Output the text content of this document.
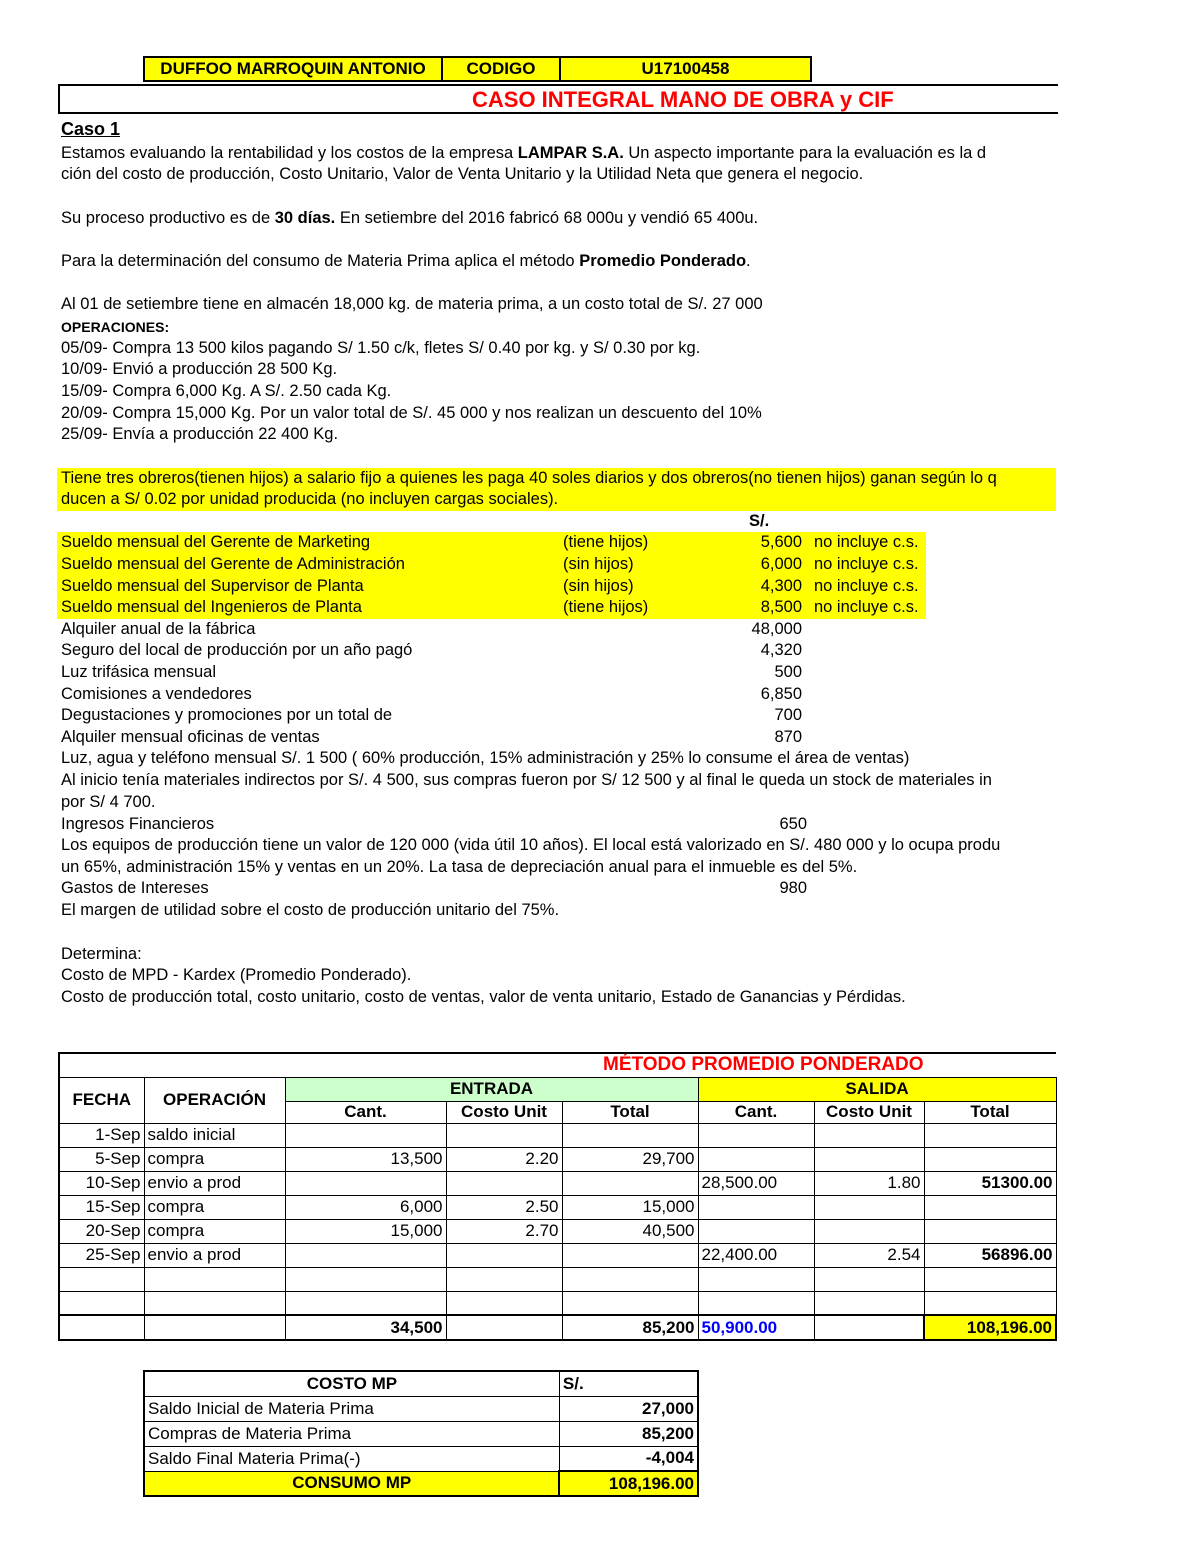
DUFFOO MARROQUIN ANTONIO	CODIGO	U17100458
CASO INTEGRAL MANO DE OBRA y CIF
Caso 1
Estamos evaluando la rentabilidad y los costos de la empresa LAMPAR S.A. Un aspecto importante para la evaluación es la d
ción del costo de producción, Costo Unitario, Valor de Venta Unitario y la Utilidad Neta que genera el negocio.
Su proceso productivo es de 30 días. En setiembre del 2016 fabricó 68 000u y vendió 65 400u.
Para la determinación del consumo de Materia Prima aplica el método Promedio Ponderado.
Al 01 de setiembre tiene en almacén 18,000 kg. de materia prima, a un costo total de S/. 27 000
OPERACIONES:
05/09- Compra 13 500 kilos pagando S/ 1.50 c/k, fletes S/ 0.40 por kg. y S/ 0.30 por kg.
10/09- Envió a producción 28 500 Kg.
15/09- Compra 6,000 Kg. A S/. 2.50 cada Kg.
20/09- Compra 15,000 Kg. Por un valor total de S/. 45 000 y nos realizan un descuento del 10%
25/09- Envía a producción 22 400 Kg.
Tiene tres obreros(tienen hijos) a salario fijo a quienes les paga 40 soles diarios y dos obreros(no tienen hijos) ganan según lo q
ducen a S/ 0.02 por unidad producida (no incluyen cargas sociales).
S/.
Sueldo mensual del Gerente de Marketing	(tiene hijos)	5,600 no incluye c.s.
Sueldo mensual del Gerente de Administración	(sin hijos)	6,000 no incluye c.s.
Sueldo mensual del Supervisor de Planta	(sin hijos)	4,300 no incluye c.s.
Sueldo mensual del Ingenieros de Planta	(tiene hijos)	8,500 no incluye c.s.
Alquiler anual de la fábrica	48,000
Seguro del local de producción por un año pagó	4,320
Luz trifásica mensual	500
Comisiones a vendedores	6,850
Degustaciones y promociones por un total de	700
Alquiler mensual oficinas de ventas	870
Luz, agua y teléfono mensual S/. 1 500 ( 60% producción, 15% administración y 25% lo consume el área de ventas)
Al inicio tenía materiales indirectos por S/. 4 500, sus compras fueron por S/ 12 500 y al final le queda un stock de materiales in
por S/ 4 700.
Ingresos Financieros	650
Los equipos de producción tiene un valor de 120 000 (vida útil 10 años). El local está valorizado en S/. 480 000 y lo ocupa produ
un 65%, administración 15% y ventas en un 20%. La tasa de depreciación anual para el inmueble es del 5%.
Gastos de Intereses	980
El margen de utilidad sobre el costo de producción unitario del 75%.
Determina:
Costo de MPD - Kardex (Promedio Ponderado).
Costo de producción total, costo unitario, costo de ventas, valor de venta unitario, Estado de Ganancias y Pérdidas.
MÉTODO PROMEDIO PONDERADO							
FECHA	OPERACIÓN	ENTRADA			SALIDA		
		Cant.	Costo Unit	Total	Cant.	Costo Unit	Total
1-Sep	saldo inicial						
5-Sep	compra	13,500	2.20	29,700			
10-Sep	envio a prod				28,500.00	1.80	51300.00
15-Sep	compra	6,000	2.50	15,000			
20-Sep	compra	15,000	2.70	40,500			
25-Sep	envio a prod				22,400.00	2.54	56896.00

		34,500		85,200	50,900.00		108,196.00
COSTO MP	S/.
Saldo Inicial de Materia Prima	27,000
Compras de Materia Prima	85,200
Saldo Final Materia Prima(-)	-4,004
CONSUMO MP	108,196.00
